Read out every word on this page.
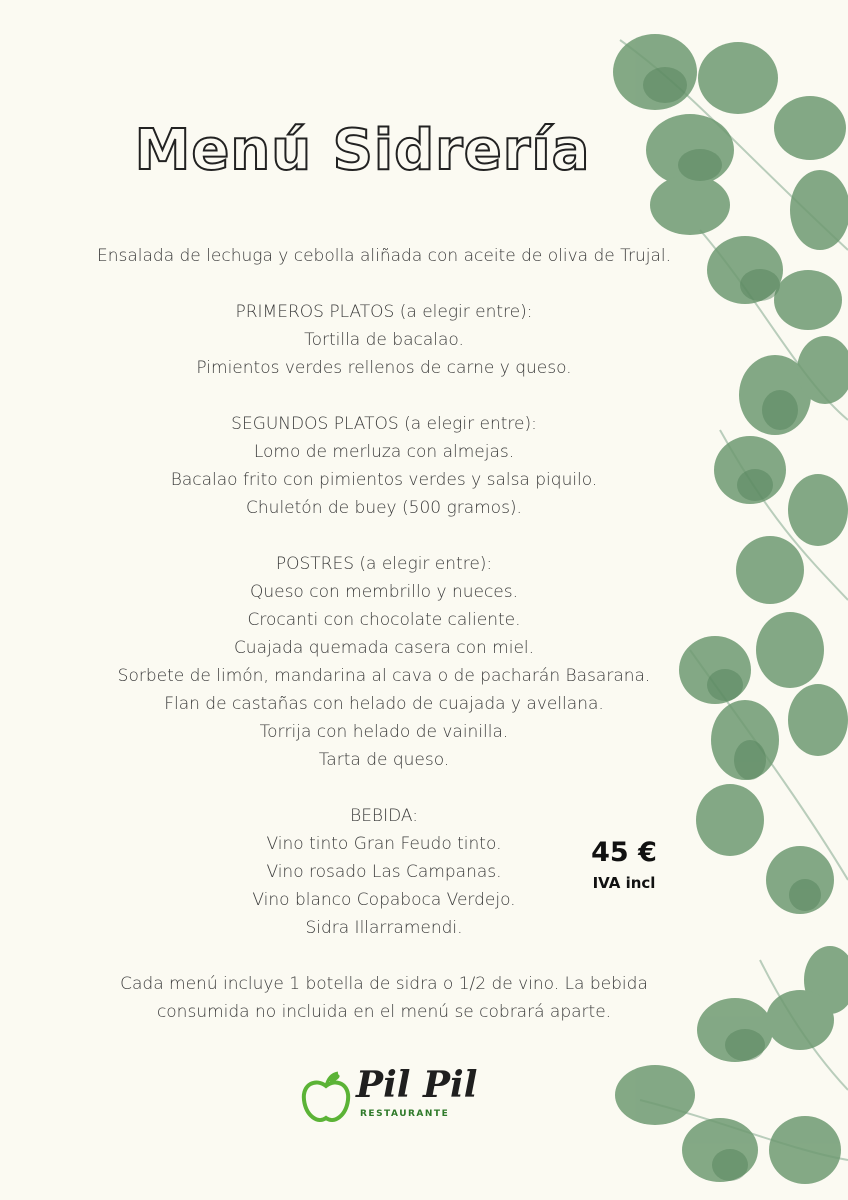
Menú Sidrería
Ensalada de lechuga y cebolla aliñada con aceite de oliva de Trujal.
PRIMEROS PLATOS (a elegir entre):
Tortilla de bacalao.
Pimientos verdes rellenos de carne y queso.
SEGUNDOS PLATOS (a elegir entre):
Lomo de merluza con almejas.
Bacalao frito con pimientos verdes y salsa piquilo.
Chuletón de buey (500 gramos).
POSTRES (a elegir entre):
Queso con membrillo y nueces.
Crocanti con chocolate caliente.
Cuajada quemada casera con miel.
Sorbete de limón, mandarina al cava o de pacharán Basarana.
Flan de castañas con helado de cuajada y avellana.
Torrija con helado de vainilla.
Tarta de queso.
BEBIDA:
Vino tinto Gran Feudo tinto.
Vino rosado Las Campanas.
Vino blanco Copaboca Verdejo.
Sidra Illarramendi.
Cada menú incluye 1 botella de sidra o 1/2 de vino. La bebida
consumida no incluida en el menú se cobrará aparte.
45 €
IVA incl
Pil Pil
RESTAURANTE
